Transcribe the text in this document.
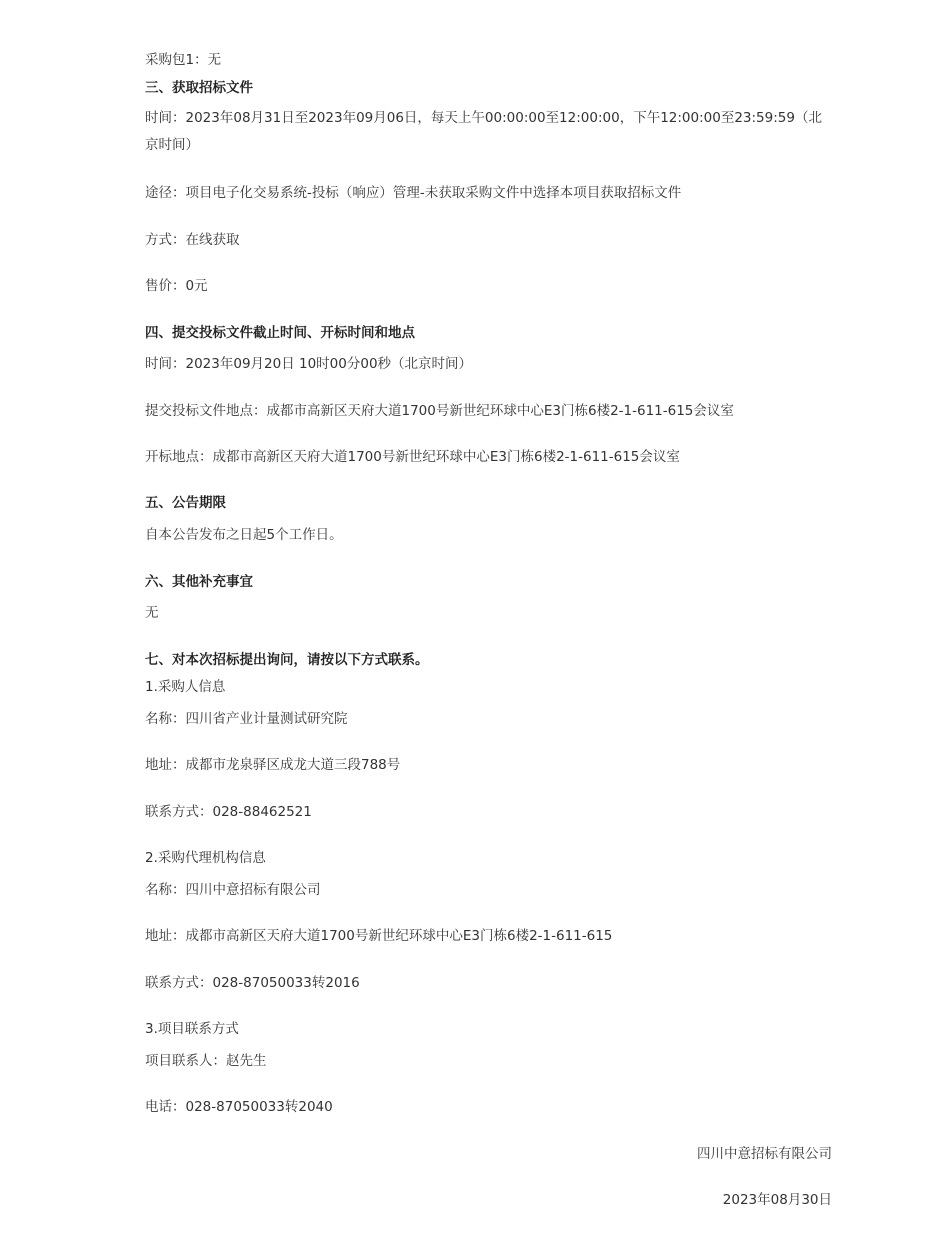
采购包1：无
三、获取招标文件
时间：2023年08月31日至2023年09月06日，每天上午00:00:00至12:00:00，下午12:00:00至23:59:59（北京时间）
途径：项目电子化交易系统-投标（响应）管理-未获取采购文件中选择本项目获取招标文件
方式：在线获取
售价：0元
四、提交投标文件截止时间、开标时间和地点
时间：2023年09月20日 10时00分00秒（北京时间）
提交投标文件地点：成都市高新区天府大道1700号新世纪环球中心E3门栋6楼2-1-611-615会议室
开标地点：成都市高新区天府大道1700号新世纪环球中心E3门栋6楼2-1-611-615会议室
五、公告期限
自本公告发布之日起5个工作日。
六、其他补充事宜
无
七、对本次招标提出询问，请按以下方式联系。
1.采购人信息
名称：四川省产业计量测试研究院
地址：成都市龙泉驿区成龙大道三段788号
联系方式：028-88462521
2.采购代理机构信息
名称：四川中意招标有限公司
地址：成都市高新区天府大道1700号新世纪环球中心E3门栋6楼2-1-611-615
联系方式：028-87050033转2016
3.项目联系方式
项目联系人：赵先生
电话：028-87050033转2040
四川中意招标有限公司
2023年08月30日
